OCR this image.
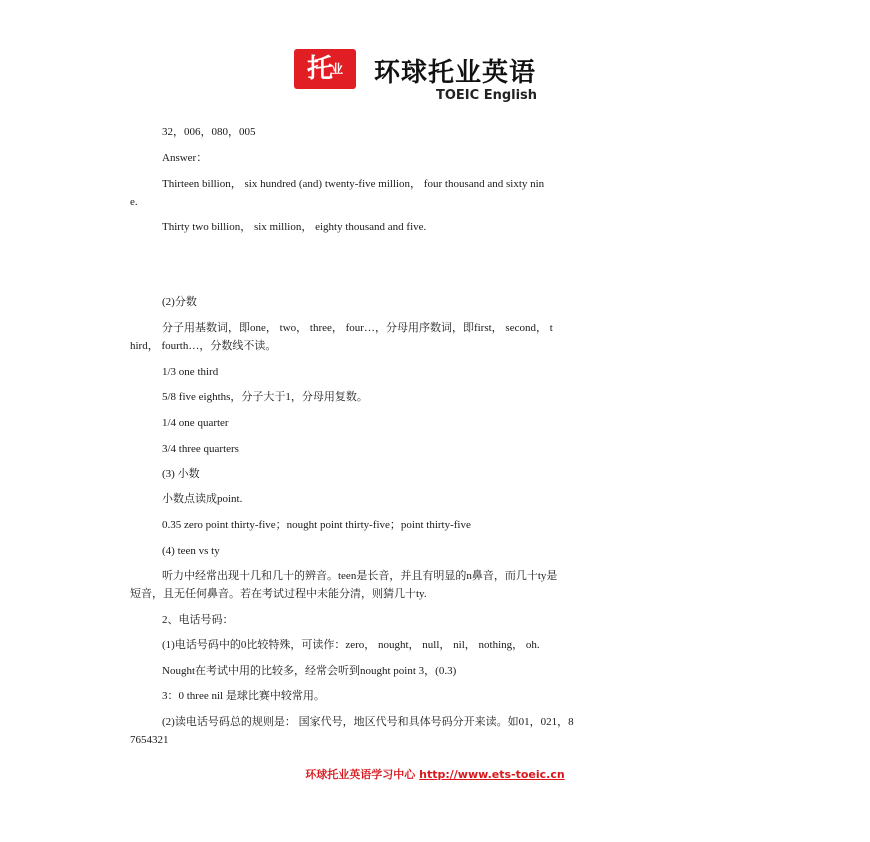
托业	环球托业英语
TOEIC English

32，006，080，005

Answer：

Thirteen billion， six hundred (and) twenty-five million， four thousand and sixty nin

e.

Thirty two billion， six million， eighty thousand and five.

(2)分数

分子用基数词，即one， two， three， four…，分母用序数词，即first， second， t

hird， fourth…，分数线不读。

1/3 one third

5/8 five eighths，分子大于1，分母用复数。

1/4 one quarter

3/4 three quarters

(3) 小数

小数点读成point.

0.35 zero point thirty-five；nought point thirty-five；point thirty-five

(4) teen vs ty

听力中经常出现十几和几十的辨音。teen是长音，并且有明显的n鼻音，而几十ty是

短音，且无任何鼻音。若在考试过程中未能分清，则猜几十ty.

2、电话号码：

(1)电话号码中的0比较特殊，可读作：zero， nought， null， nil， nothing， oh.

Nought在考试中用的比较多，经常会听到nought point 3，(0.3)

3：0 three nil 是球比赛中较常用。

(2)读电话号码总的规则是： 国家代号，地区代号和具体号码分开来读。如01，021，8

7654321

环球托业英语学习中心 http://www.ets-toeic.cn
